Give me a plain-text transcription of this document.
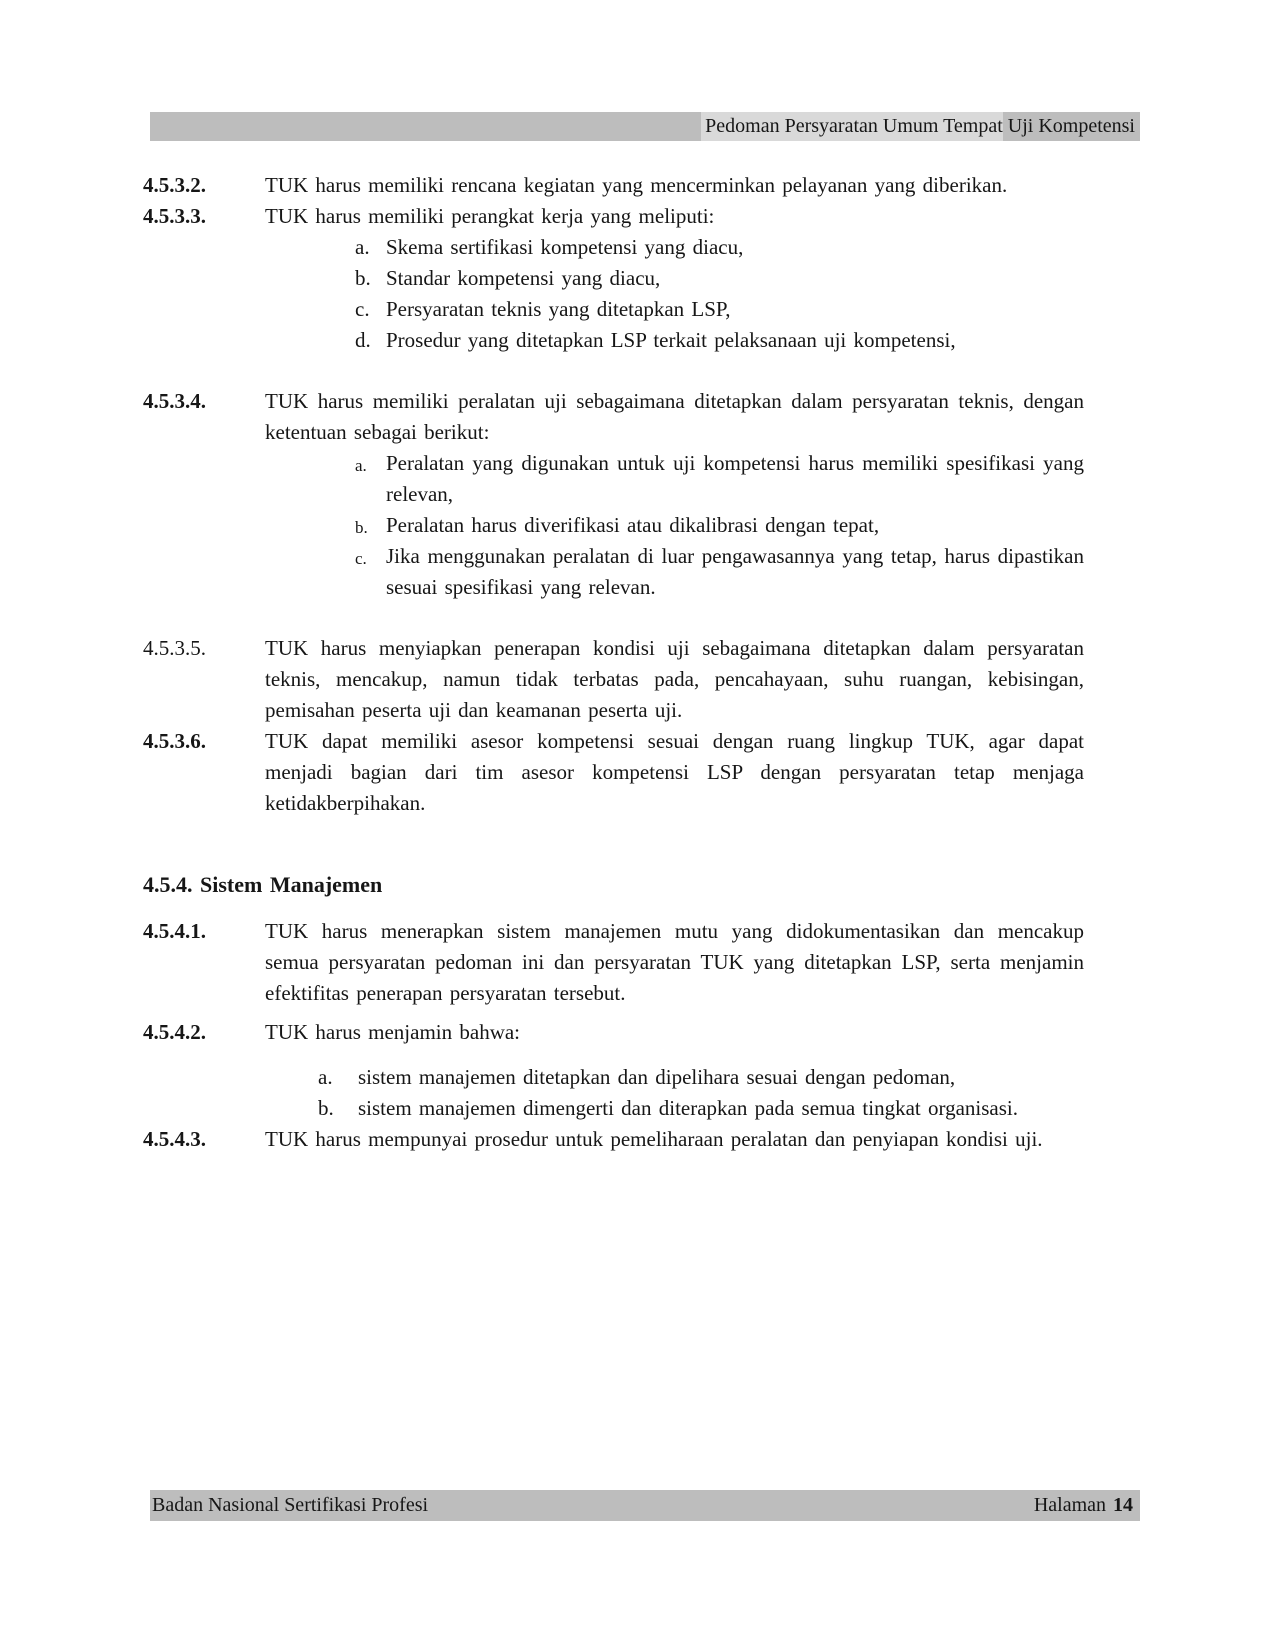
Pedoman Persyaratan Umum Tempat Uji Kompetensi
4.5.3.2.	TUK harus memiliki rencana kegiatan yang mencerminkan pelayanan yang diberikan.
4.5.3.3.	TUK harus memiliki perangkat kerja yang meliputi:
a. Skema sertifikasi kompetensi yang diacu,
b. Standar kompetensi yang diacu,
c. Persyaratan teknis yang ditetapkan LSP,
d. Prosedur yang ditetapkan LSP terkait pelaksanaan uji kompetensi,
4.5.3.4.	TUK harus memiliki peralatan uji sebagaimana ditetapkan dalam persyaratan teknis, dengan ketentuan sebagai berikut:
a. Peralatan yang digunakan untuk uji kompetensi harus memiliki spesifikasi yang relevan,
b. Peralatan harus diverifikasi atau dikalibrasi dengan tepat,
c. Jika menggunakan peralatan di luar pengawasannya yang tetap, harus dipastikan sesuai spesifikasi yang relevan.
4.5.3.5.	TUK harus menyiapkan penerapan kondisi uji sebagaimana ditetapkan dalam persyaratan teknis, mencakup, namun tidak terbatas pada, pencahayaan, suhu ruangan, kebisingan, pemisahan peserta uji dan keamanan peserta uji.
4.5.3.6.	TUK dapat memiliki asesor kompetensi sesuai dengan ruang lingkup TUK, agar dapat menjadi bagian dari tim asesor kompetensi LSP dengan persyaratan tetap menjaga ketidakberpihakan.
4.5.4. Sistem Manajemen
4.5.4.1.	TUK harus menerapkan sistem manajemen mutu yang didokumentasikan dan mencakup semua persyaratan pedoman ini dan persyaratan TUK yang ditetapkan LSP, serta menjamin efektifitas penerapan persyaratan tersebut.
4.5.4.2.	TUK harus menjamin bahwa:
a.	sistem manajemen ditetapkan dan dipelihara sesuai dengan pedoman,
b.	sistem manajemen dimengerti dan diterapkan pada semua tingkat organisasi.
4.5.4.3.	TUK harus mempunyai prosedur untuk pemeliharaan peralatan dan penyiapan kondisi uji.
Badan Nasional Sertifikasi Profesi	Halaman 14
